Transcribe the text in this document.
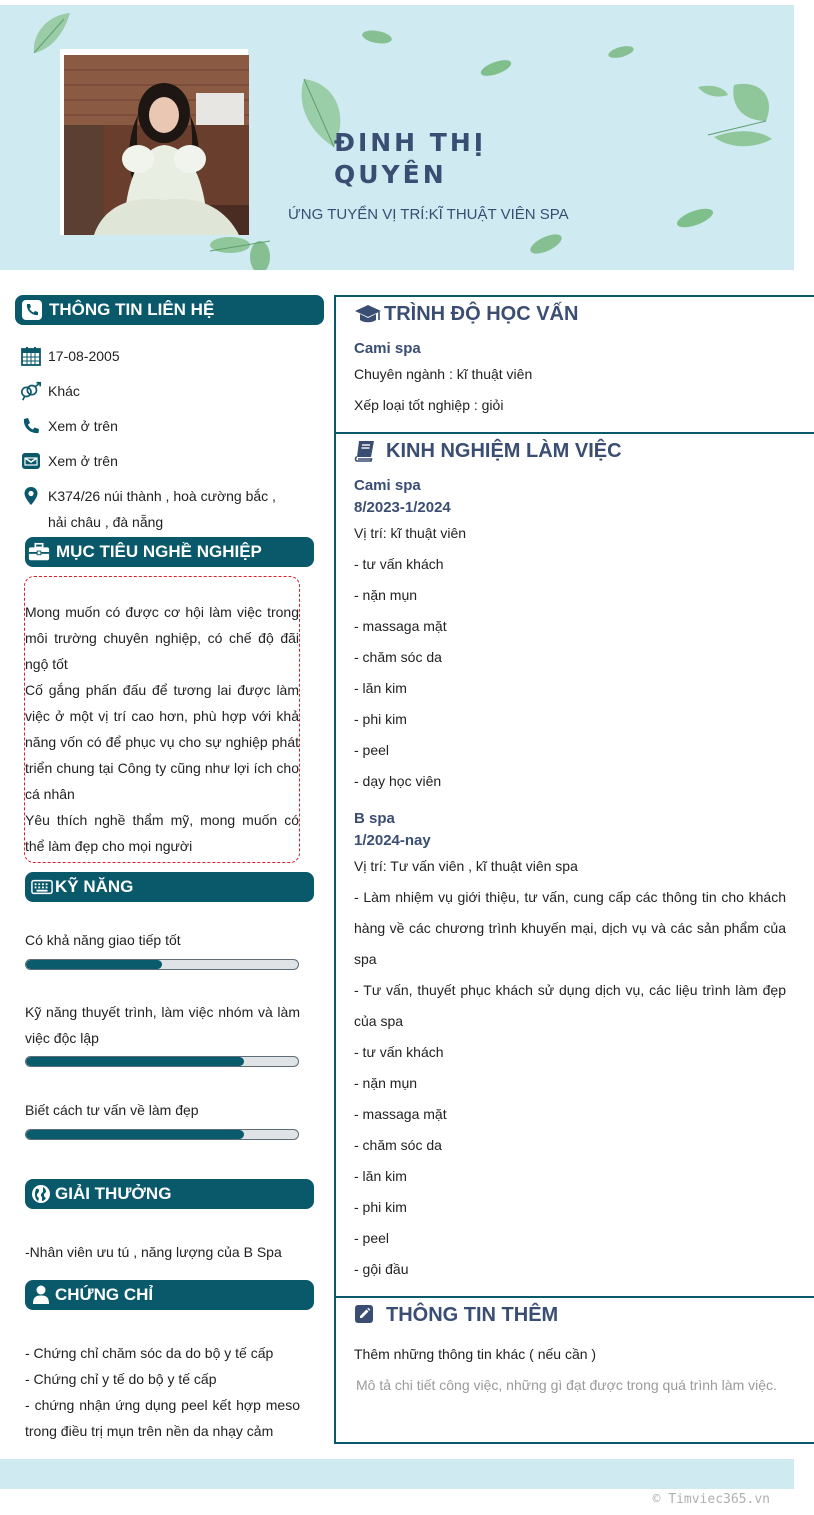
ĐINH THỊ QUYÊN
ỨNG TUYỂN VỊ TRÍ:KĨ THUẬT VIÊN SPA
THÔNG TIN LIÊN HỆ
17-08-2005
Khác
Xem ở trên
Xem ở trên
K374/26 núi thành , hoà cường bắc , hải châu , đà nẵng
MỤC TIÊU NGHỀ NGHIỆP

Mong muốn có được cơ hội làm việc trong môi trường chuyên nghiệp, có chế độ đãi ngộ tốt

Cố gắng phấn đấu để tương lai được làm việc ở một vị trí cao hơn, phù hợp với khả năng vốn có để phục vụ cho sự nghiệp phát triển chung tại Công ty cũng như lợi ích cho cá nhân

Yêu thích nghề thẩm mỹ, mong muốn có thể làm đẹp cho mọi người

KỸ NĂNG
Có khả năng giao tiếp tốt
Kỹ năng thuyết trình, làm việc nhóm và làm việc độc lập
Biết cách tư vấn về làm đẹp
GIẢI THƯỞNG
-Nhân viên ưu tú , năng lượng của B Spa
CHỨNG CHỈ
- Chứng chỉ chăm sóc da do bộ y tế cấp
- Chứng chỉ y tế do bộ y tế cấp
- chứng nhận ứng dụng peel kết hợp meso trong điều trị mụn trên nền da nhạy cảm
TRÌNH ĐỘ HỌC VẤN
Cami spa
Chuyên ngành : kĩ thuật viên
Xếp loại tốt nghiệp : giỏi
KINH NGHIỆM LÀM VIỆC
Cami spa
8/2023-1/2024
Vị trí: kĩ thuật viên
- tư vấn khách
- nặn mụn
- massaga mặt
- chăm sóc da
- lăn kim
- phi kim
- peel
- dạy học viên
B spa
1/2024-nay
Vị trí: Tư vấn viên , kĩ thuật viên spa
- Làm nhiệm vụ giới thiệu, tư vấn, cung cấp các thông tin cho khách hàng về các chương trình khuyến mại, dịch vụ và các sản phẩm của spa
- Tư vấn, thuyết phục khách sử dụng dịch vụ, các liệu trình làm đẹp của spa
- tư vấn khách
- nặn mụn
- massaga mặt
- chăm sóc da
- lăn kim
- phi kim
- peel
- gội đầu
THÔNG TIN THÊM
Thêm những thông tin khác ( nếu cần )
Mô tả chi tiết công việc, những gì đạt được trong quá trình làm việc.
© Timviec365.vn
